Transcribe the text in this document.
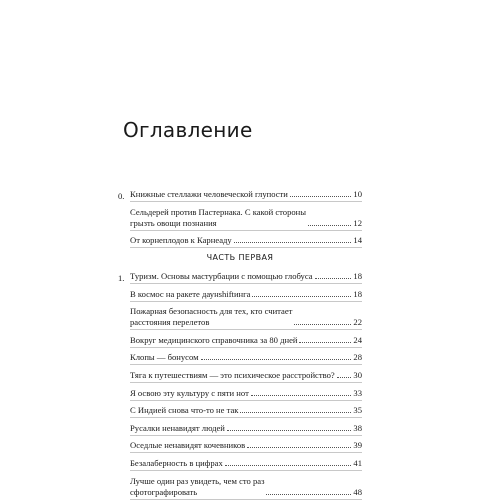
Оглавление
0. Книжные стеллажи человеческой глупости	10
Сельдерей против Пастернака. С какой стороны
грызть овощи познания	12
От корнеплодов к Карнеаду	14
ЧАСТЬ ПЕРВАЯ
1. Туризм. Основы мастурбации с помощью глобуса	18
В космос на ракете даунshiftинга	18
Пожарная безопасность для тех, кто считает
расстояния перелетов	22
Вокруг медицинского справочника за 80 дней	24
Клопы — бонусом	28
Тяга к путешествиям — это психическое расстройство? 30
Я освою эту культуру с пяти нот	33
С Индией снова что-то не так	35
Русалки ненавидят людей	38
Оседлые ненавидят кочевников	39
Безалаберность в цифрах	41
Лучше один раз увидеть, чем сто раз
сфотографировать	48
